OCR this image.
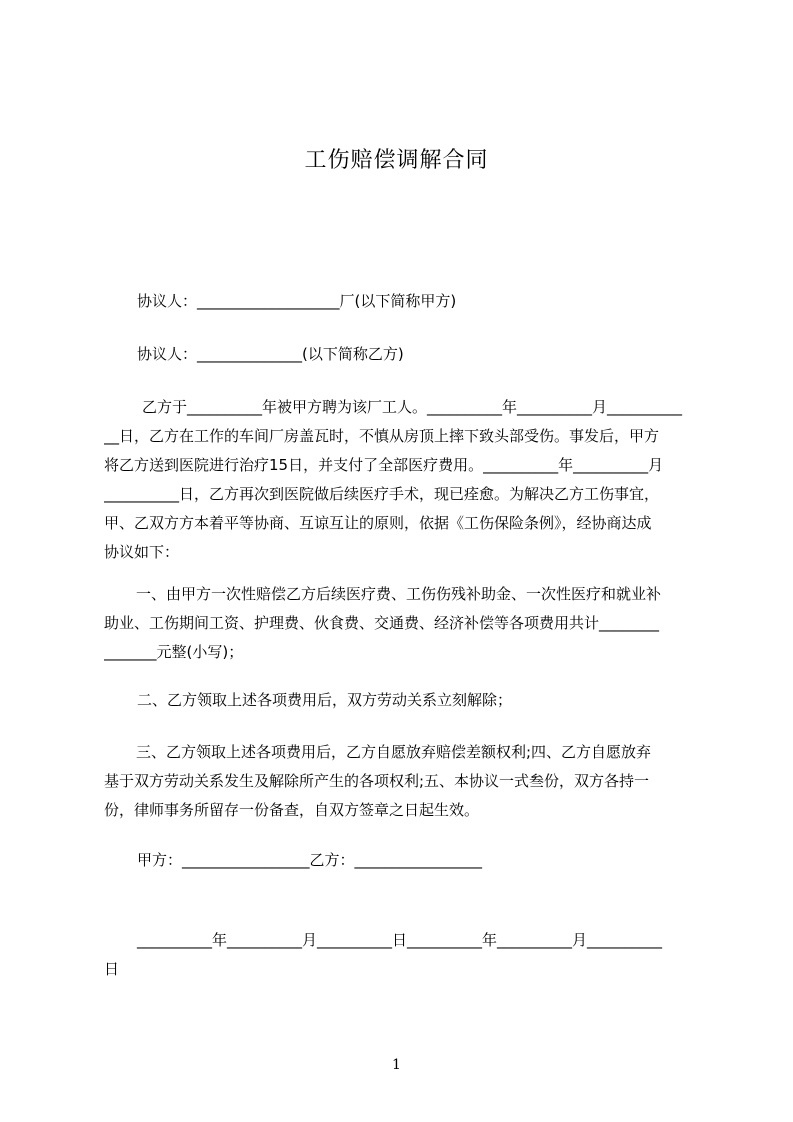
工伤赔偿调解合同
协议人：___________________厂(以下简称甲方)
协议人：______________(以下简称乙方)
乙方于__________年被甲方聘为该厂工人。__________年__________月__________
__日，乙方在工作的车间厂房盖瓦时，不慎从房顶上摔下致头部受伤。事发后，甲方
将乙方送到医院进行治疗15日，并支付了全部医疗费用。__________年__________月
__________日，乙方再次到医院做后续医疗手术，现已痊愈。为解决乙方工伤事宜，
甲、乙双方方本着平等协商、互谅互让的原则，依据《工伤保险条例》，经协商达成
协议如下：
一、由甲方一次性赔偿乙方后续医疗费、工伤伤残补助金、一次性医疗和就业补
助业、工伤期间工资、护理费、伙食费、交通费、经济补偿等各项费用共计________
_______元整(小写)；
二、乙方领取上述各项费用后，双方劳动关系立刻解除；
三、乙方领取上述各项费用后，乙方自愿放弃赔偿差额权利;四、乙方自愿放弃
基于双方劳动关系发生及解除所产生的各项权利;五、本协议一式叁份，双方各持一
份，律师事务所留存一份备查，自双方签章之日起生效。
甲方：_________________乙方：_________________
__________年__________月__________日__________年__________月__________
日
1
